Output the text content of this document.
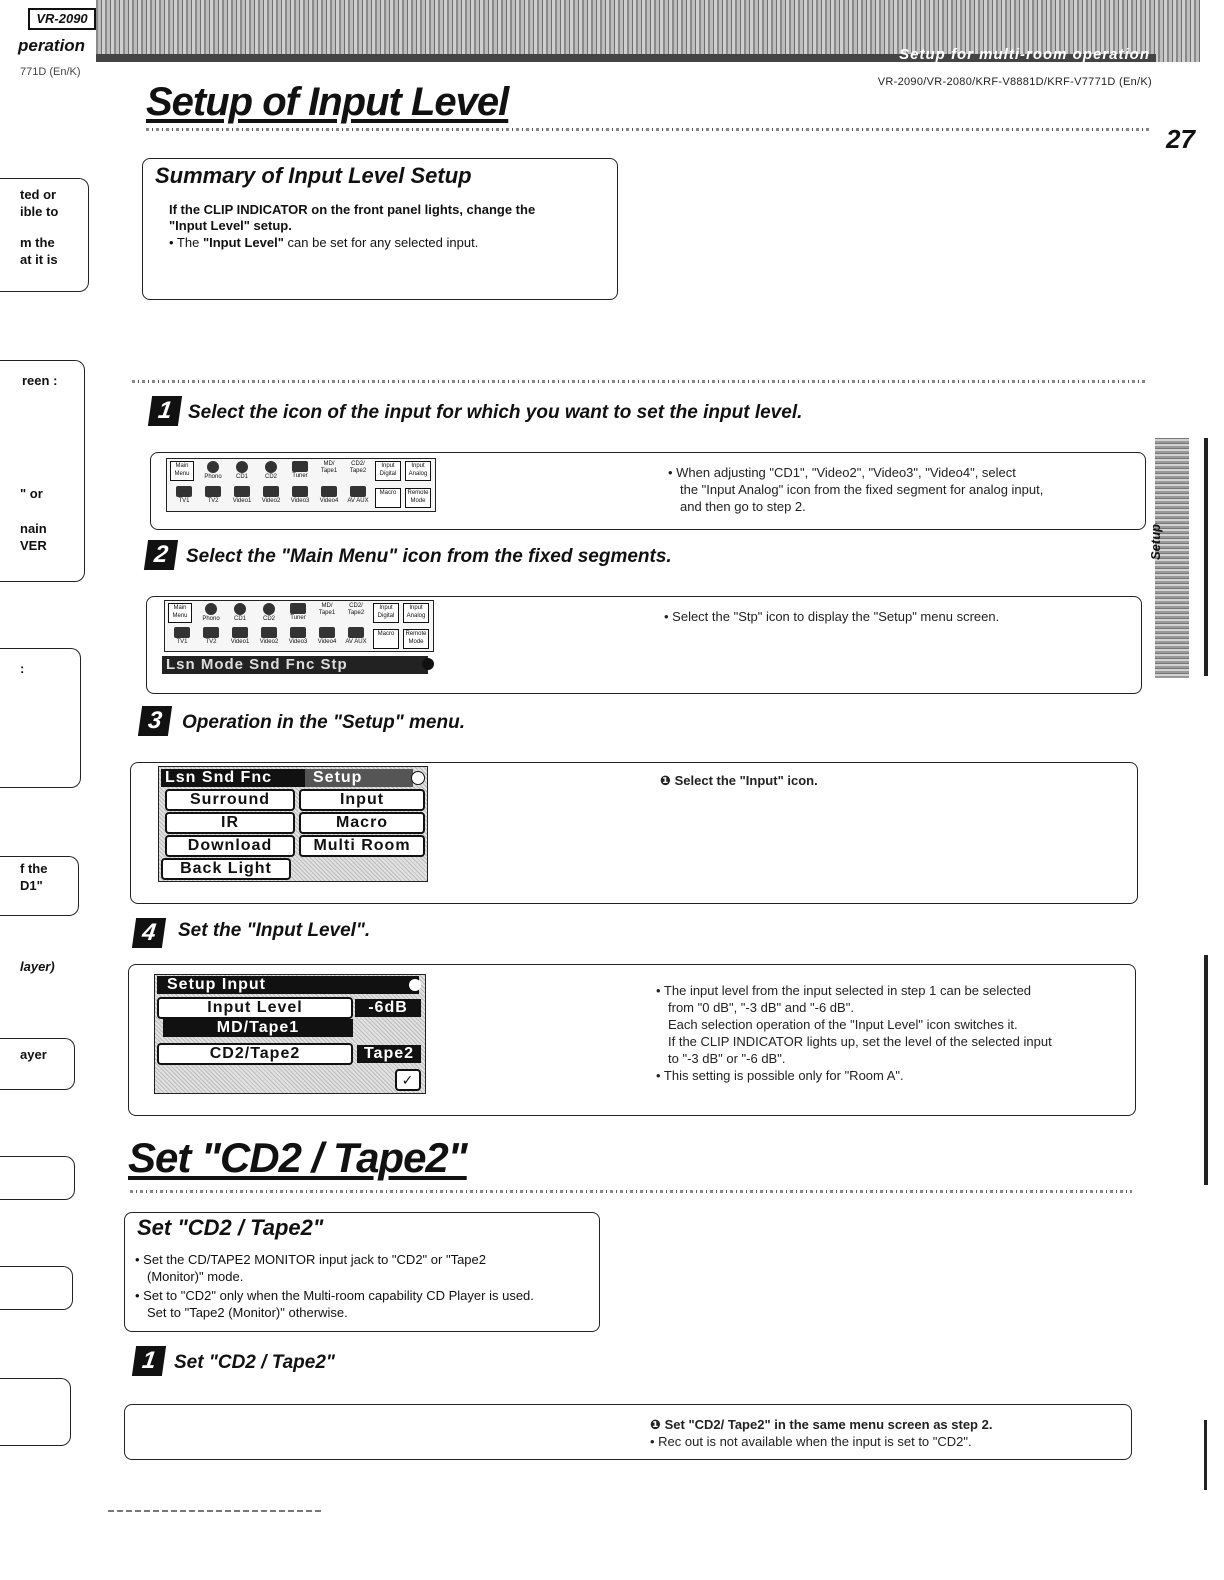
VR-2090
peration
771D (En/K)
Setup for multi-room operation
VR-2090/VR-2080/KRF-V8881D/KRF-V7771D (En/K)
27
Setup
ted or
ible to
m the
at it is
reen :
" or
nain
VER
:
f the
D1"
layer)
ayer
Setup of Input Level
Summary of Input Level Setup
If the CLIP INDICATOR on the front panel lights, change the
"Input Level" setup.
• The "Input Level" can be set for any selected input.
1 Select the icon of the input for which you want to set the input level.
Main Menu	Phono	CD1	CD2	Tuner
MD/ Tape1
CD2/ Tape2
Input Digital
Input Analog
TV1	TV2	Video1	Video2	Video3	Video4	AV AUX
Macro	Remote Mode
• When adjusting "CD1", "Video2", "Video3", "Video4", select
the "Input Analog" icon from the fixed segment for analog input,
and then go to step 2.
2 Select the "Main Menu" icon from the fixed segments.
Main Menu	Phono	CD1	CD2	Tuner
MD/ Tape1
CD2/ Tape2
Input Digital
Input Analog
TV1	TV2	Video1	Video2	Video3	Video4	AV AUX
Macro	Remote Mode
Lsn Mode Snd Fnc Stp
• Select the "Stp" icon to display the "Setup" menu screen.
3 Operation in the "Setup" menu.
Lsn Snd Fnc	Setup
Surround	Input
IR	Macro
Download	Multi Room
Back Light
❶ Select the "Input" icon.
4	Set the "Input Level".
Setup Input
Input Level	-6dB
MD/Tape1
CD2/Tape2	Tape2
✓
• The input level from the input selected in step 1 can be selected
from "0 dB", "-3 dB" and "-6 dB".
Each selection operation of the "Input Level" icon switches it.
If the CLIP INDICATOR lights up, set the level of the selected input
to "-3 dB" or "-6 dB".
• This setting is possible only for "Room A".
Set "CD2 / Tape2"
Set "CD2 / Tape2"
• Set the CD/TAPE2 MONITOR input jack to "CD2" or "Tape2
(Monitor)" mode.
• Set to "CD2" only when the Multi-room capability CD Player is used.
Set to "Tape2 (Monitor)" otherwise.
1 Set "CD2 / Tape2"
❶ Set "CD2/ Tape2" in the same menu screen as step 2.
• Rec out is not available when the input is set to "CD2".
